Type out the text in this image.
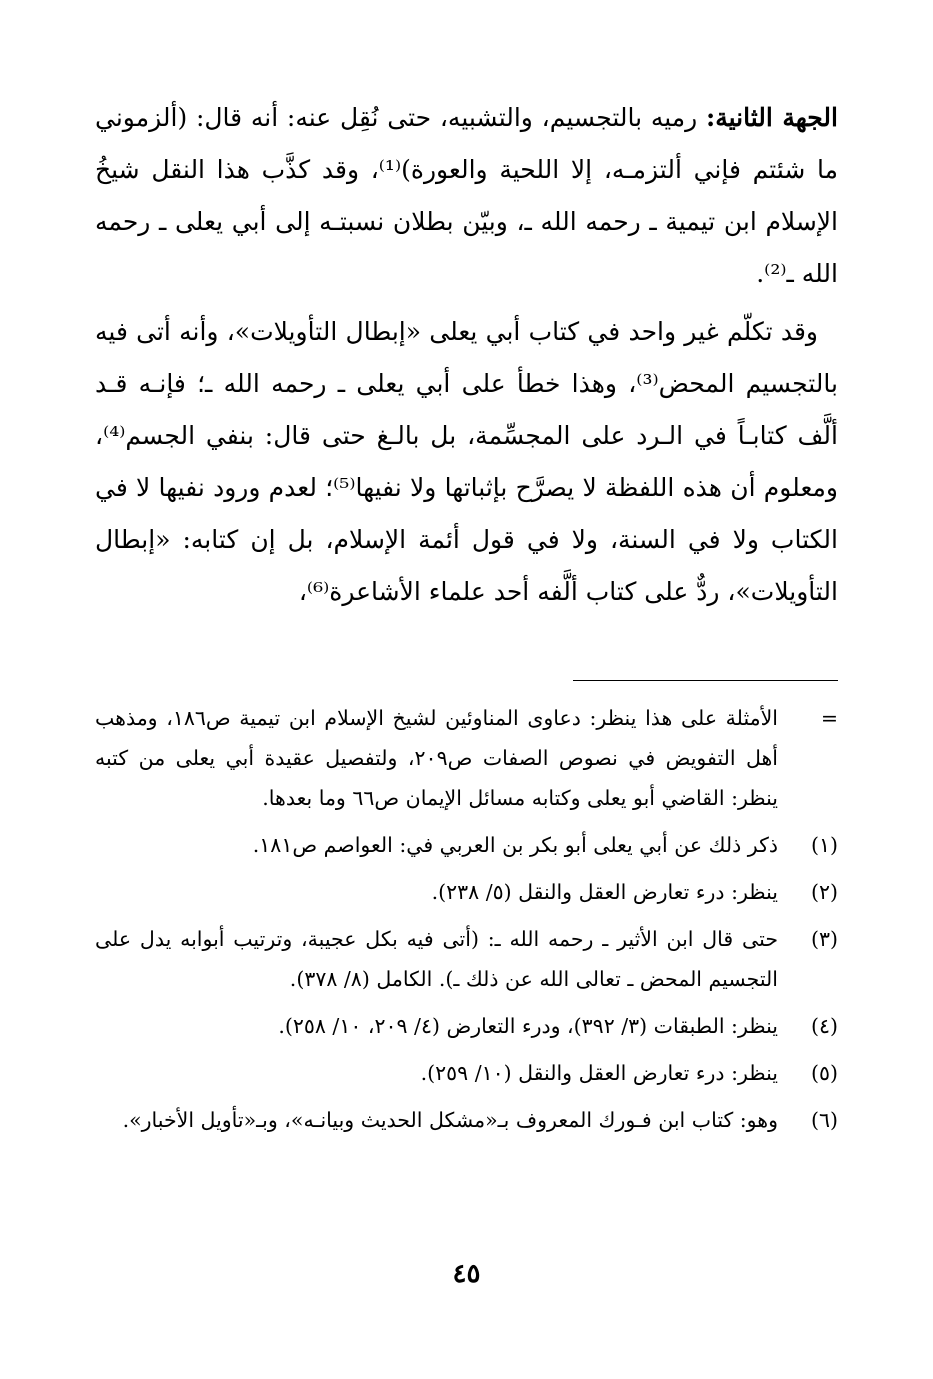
الجهة الثانية: رميه بالتجسيم، والتشبيه، حتى نُقِل عنه: أنه قال: (ألزموني ما شئتم فإني ألتزمـه، إلا اللحية والعورة)⁽¹⁾، وقد كذَّب هذا النقل شيخُ الإسلام ابن تيمية ـ رحمه الله ـ، وبيّن بطلان نسبتـه إلى أبي يعلى ـ رحمه الله ـ⁽²⁾.

وقد تكلّم غير واحد في كتاب أبي يعلى «إبطال التأويلات»، وأنه أتى فيه بالتجسيم المحض⁽³⁾، وهذا خطأ على أبي يعلى ـ رحمه الله ـ؛ فإنـه قـد ألَّف كتابـاً في الـرد على المجسِّمة، بل بالـغ حتى قال: بنفي الجسم⁽⁴⁾، ومعلوم أن هذه اللفظة لا يصرَّح بإثباتها ولا نفيها⁽⁵⁾؛ لعدم ورود نفيها لا في الكتاب ولا في السنة، ولا في قول أئمة الإسلام، بل إن كتابه: «إبطال التأويلات»، ردٌّ على كتاب ألَّفه أحد علماء الأشاعرة⁽⁶⁾،

=
الأمثلة على هذا ينظر: دعاوى المناوئين لشيخ الإسلام ابن تيمية ص١٨٦، ومذهب أهل التفويض في نصوص الصفات ص٢٠٩، ولتفصيل عقيدة أبي يعلى من كتبه ينظر: القاضي أبو يعلى وكتابه مسائل الإيمان ص٦٦ وما بعدها.
(١)
ذكر ذلك عن أبي يعلى أبو بكر بن العربي في: العواصم ص١٨١.
(٢)
ينظر: درء تعارض العقل والنقل (٥/ ٢٣٨).
(٣)
حتى قال ابن الأثير ـ رحمه الله ـ: (أتى فيه بكل عجيبة، وترتيب أبوابه يدل على التجسيم المحض ـ تعالى الله عن ذلك ـ). الكامل (٨/ ٣٧٨).
(٤)
ينظر: الطبقات (٣/ ٣٩٢)، ودرء التعارض (٤/ ٢٠٩، ١٠/ ٢٥٨).
(٥)
ينظر: درء تعارض العقل والنقل (١٠/ ٢٥٩).
(٦)
وهو: كتاب ابن فـورك المعروف بـ«مشكل الحديث وبيانـه»، وبـ«تأويل الأخبار».
٤٥
